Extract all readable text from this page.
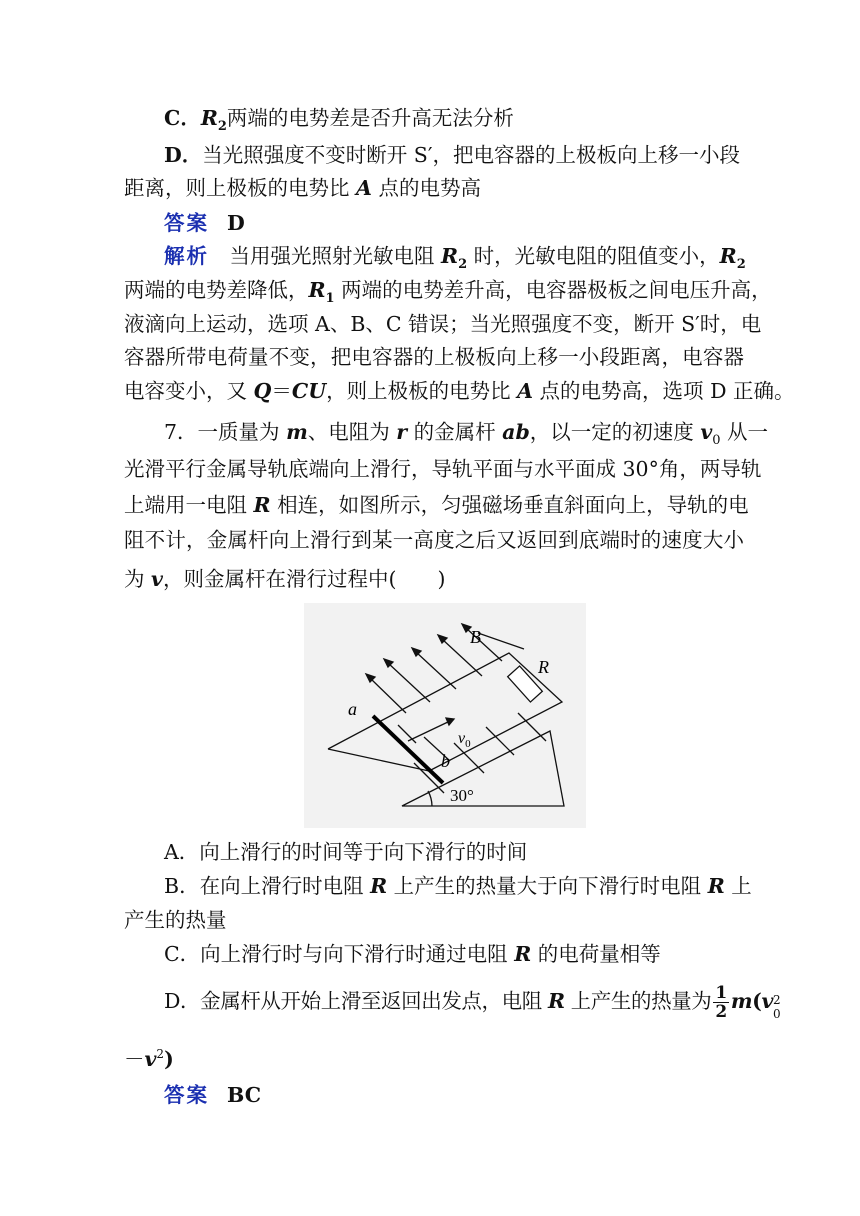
C．$R_2$两端的电势差是否升高无法分析
D．当光照强度不变时断开 S′，把电容器的上极板向上移一小段
距离，则上极板的电势比 A 点的电势高
答案 D
解析　 当用强光照射光敏电阻 $R_2$ 时，光敏电阻的阻值变小，$R_2$
两端的电势差降低，$R_1$ 两端的电势差升高，电容器极板之间电压升高，
液滴向上运动，选项 A、B、C 错误；当光照强度不变，断开 S′时，电
容器所带电荷量不变，把电容器的上极板向上移一小段距离，电容器
电容变小，又 Q＝CU，则上极板的电势比 A 点的电势高，选项 D 正确。
7．一质量为 m、电阻为 r 的金属杆 ab，以一定的初速度 $v_0$ 从一
光滑平行金属导轨底端向上滑行，导轨平面与水平面成 30°角，两导轨
上端用一电阻 R 相连，如图所示，匀强磁场垂直斜面向上，导轨的电
阻不计，金属杆向上滑行到某一高度之后又返回到底端时的速度大小
为 v，则金属杆在滑行过程中(　　)
B
R
a
b
$v_0$
30°
A．向上滑行的时间等于向下滑行的时间
B．在向上滑行时电阻 R 上产生的热量大于向下滑行时电阻 R 上
产生的热量
C．向上滑行时与向下滑行时通过电阻 R 的电荷量相等
D．金属杆从开始上滑至返回出发点，电阻 R 上产生的热量为 $\frac{1}{2} m(v$ 2
0
$-v^2$)
答案 BC
